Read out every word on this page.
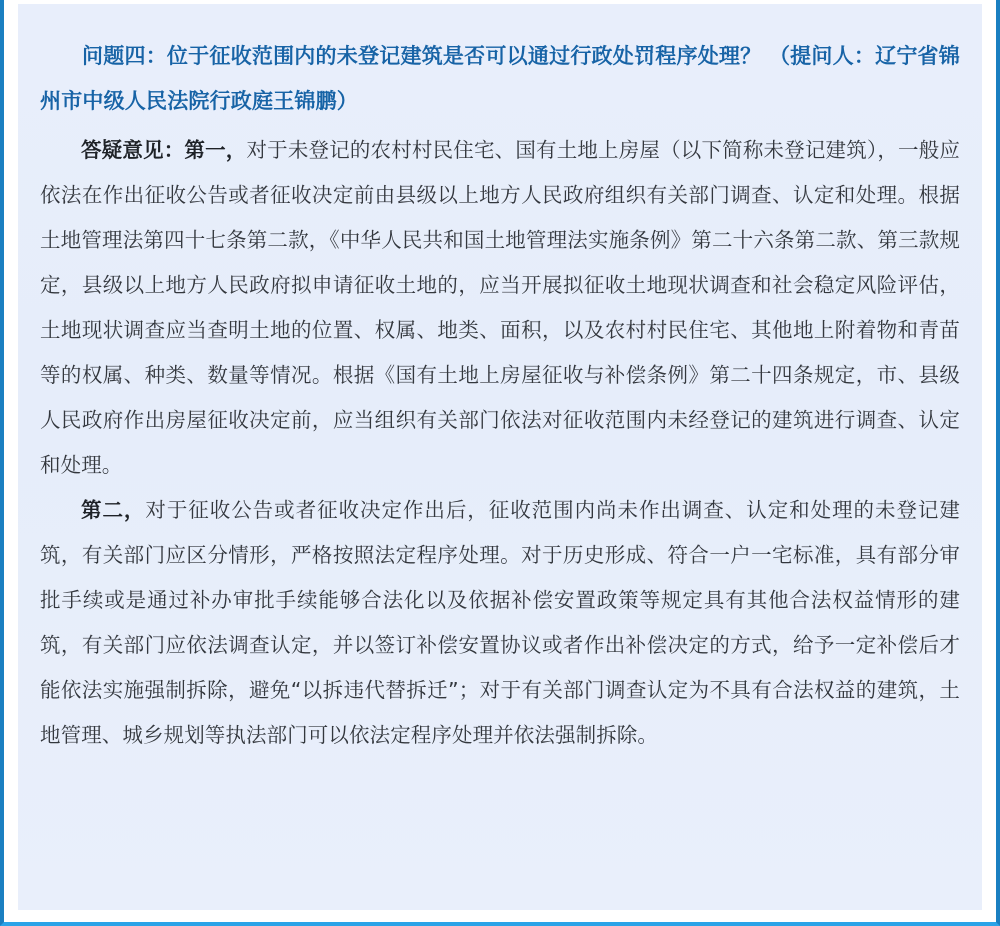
问题四：位于征收范围内的未登记建筑是否可以通过行政处罚程序处理？ （提问人：辽宁省锦州市中级人民法院行政庭王锦鹏）

答疑意见：第一，对于未登记的农村村民住宅、国有土地上房屋（以下简称未登记建筑），一般应依法在作出征收公告或者征收决定前由县级以上地方人民政府组织有关部门调查、认定和处理。根据土地管理法第四十七条第二款，《中华人民共和国土地管理法实施条例》第二十六条第二款、第三款规定，县级以上地方人民政府拟申请征收土地的，应当开展拟征收土地现状调查和社会稳定风险评估，土地现状调查应当查明土地的位置、权属、地类、面积，以及农村村民住宅、其他地上附着物和青苗等的权属、种类、数量等情况。根据《国有土地上房屋征收与补偿条例》第二十四条规定，市、县级人民政府作出房屋征收决定前，应当组织有关部门依法对征收范围内未经登记的建筑进行调查、认定和处理。

第二，对于征收公告或者征收决定作出后，征收范围内尚未作出调查、认定和处理的未登记建筑，有关部门应区分情形，严格按照法定程序处理。对于历史形成、符合一户一宅标准，具有部分审批手续或是通过补办审批手续能够合法化以及依据补偿安置政策等规定具有其他合法权益情形的建筑，有关部门应依法调查认定，并以签订补偿安置协议或者作出补偿决定的方式，给予一定补偿后才能依法实施强制拆除，避免“以拆违代替拆迁”；对于有关部门调查认定为不具有合法权益的建筑，土地管理、城乡规划等执法部门可以依法定程序处理并依法强制拆除。
